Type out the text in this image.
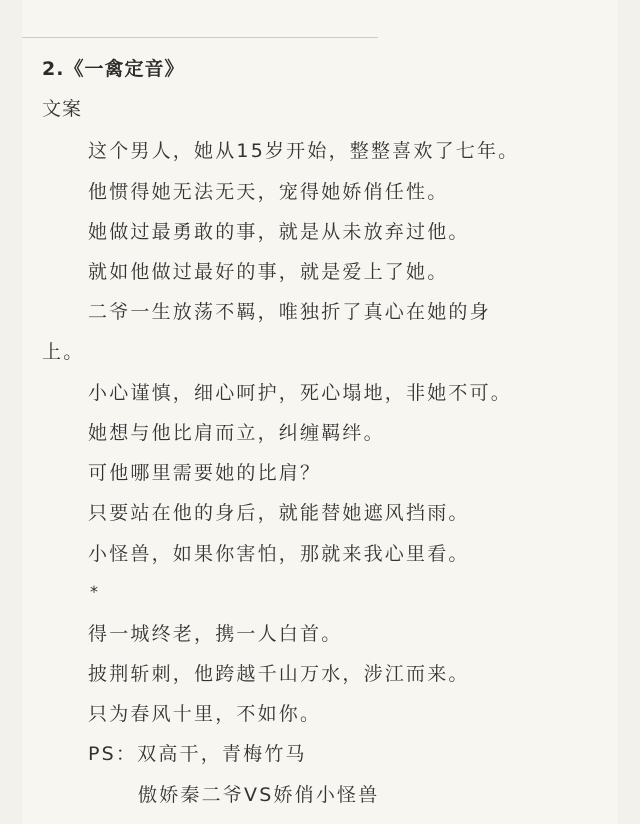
2.《一禽定音》
文案
这个男人，她从15岁开始，整整喜欢了七年。
他惯得她无法无天，宠得她娇俏任性。
她做过最勇敢的事，就是从未放弃过他。
就如他做过最好的事，就是爱上了她。
二爷一生放荡不羁，唯独折了真心在她的身
上。
小心谨慎，细心呵护，死心塌地，非她不可。
她想与他比肩而立，纠缠羁绊。
可他哪里需要她的比肩？
只要站在他的身后，就能替她遮风挡雨。
小怪兽，如果你害怕，那就来我心里看。
*
得一城终老，携一人白首。
披荆斩刺，他跨越千山万水，涉江而来。
只为春风十里，不如你。
PS：双高干，青梅竹马
傲娇秦二爷VS娇俏小怪兽
